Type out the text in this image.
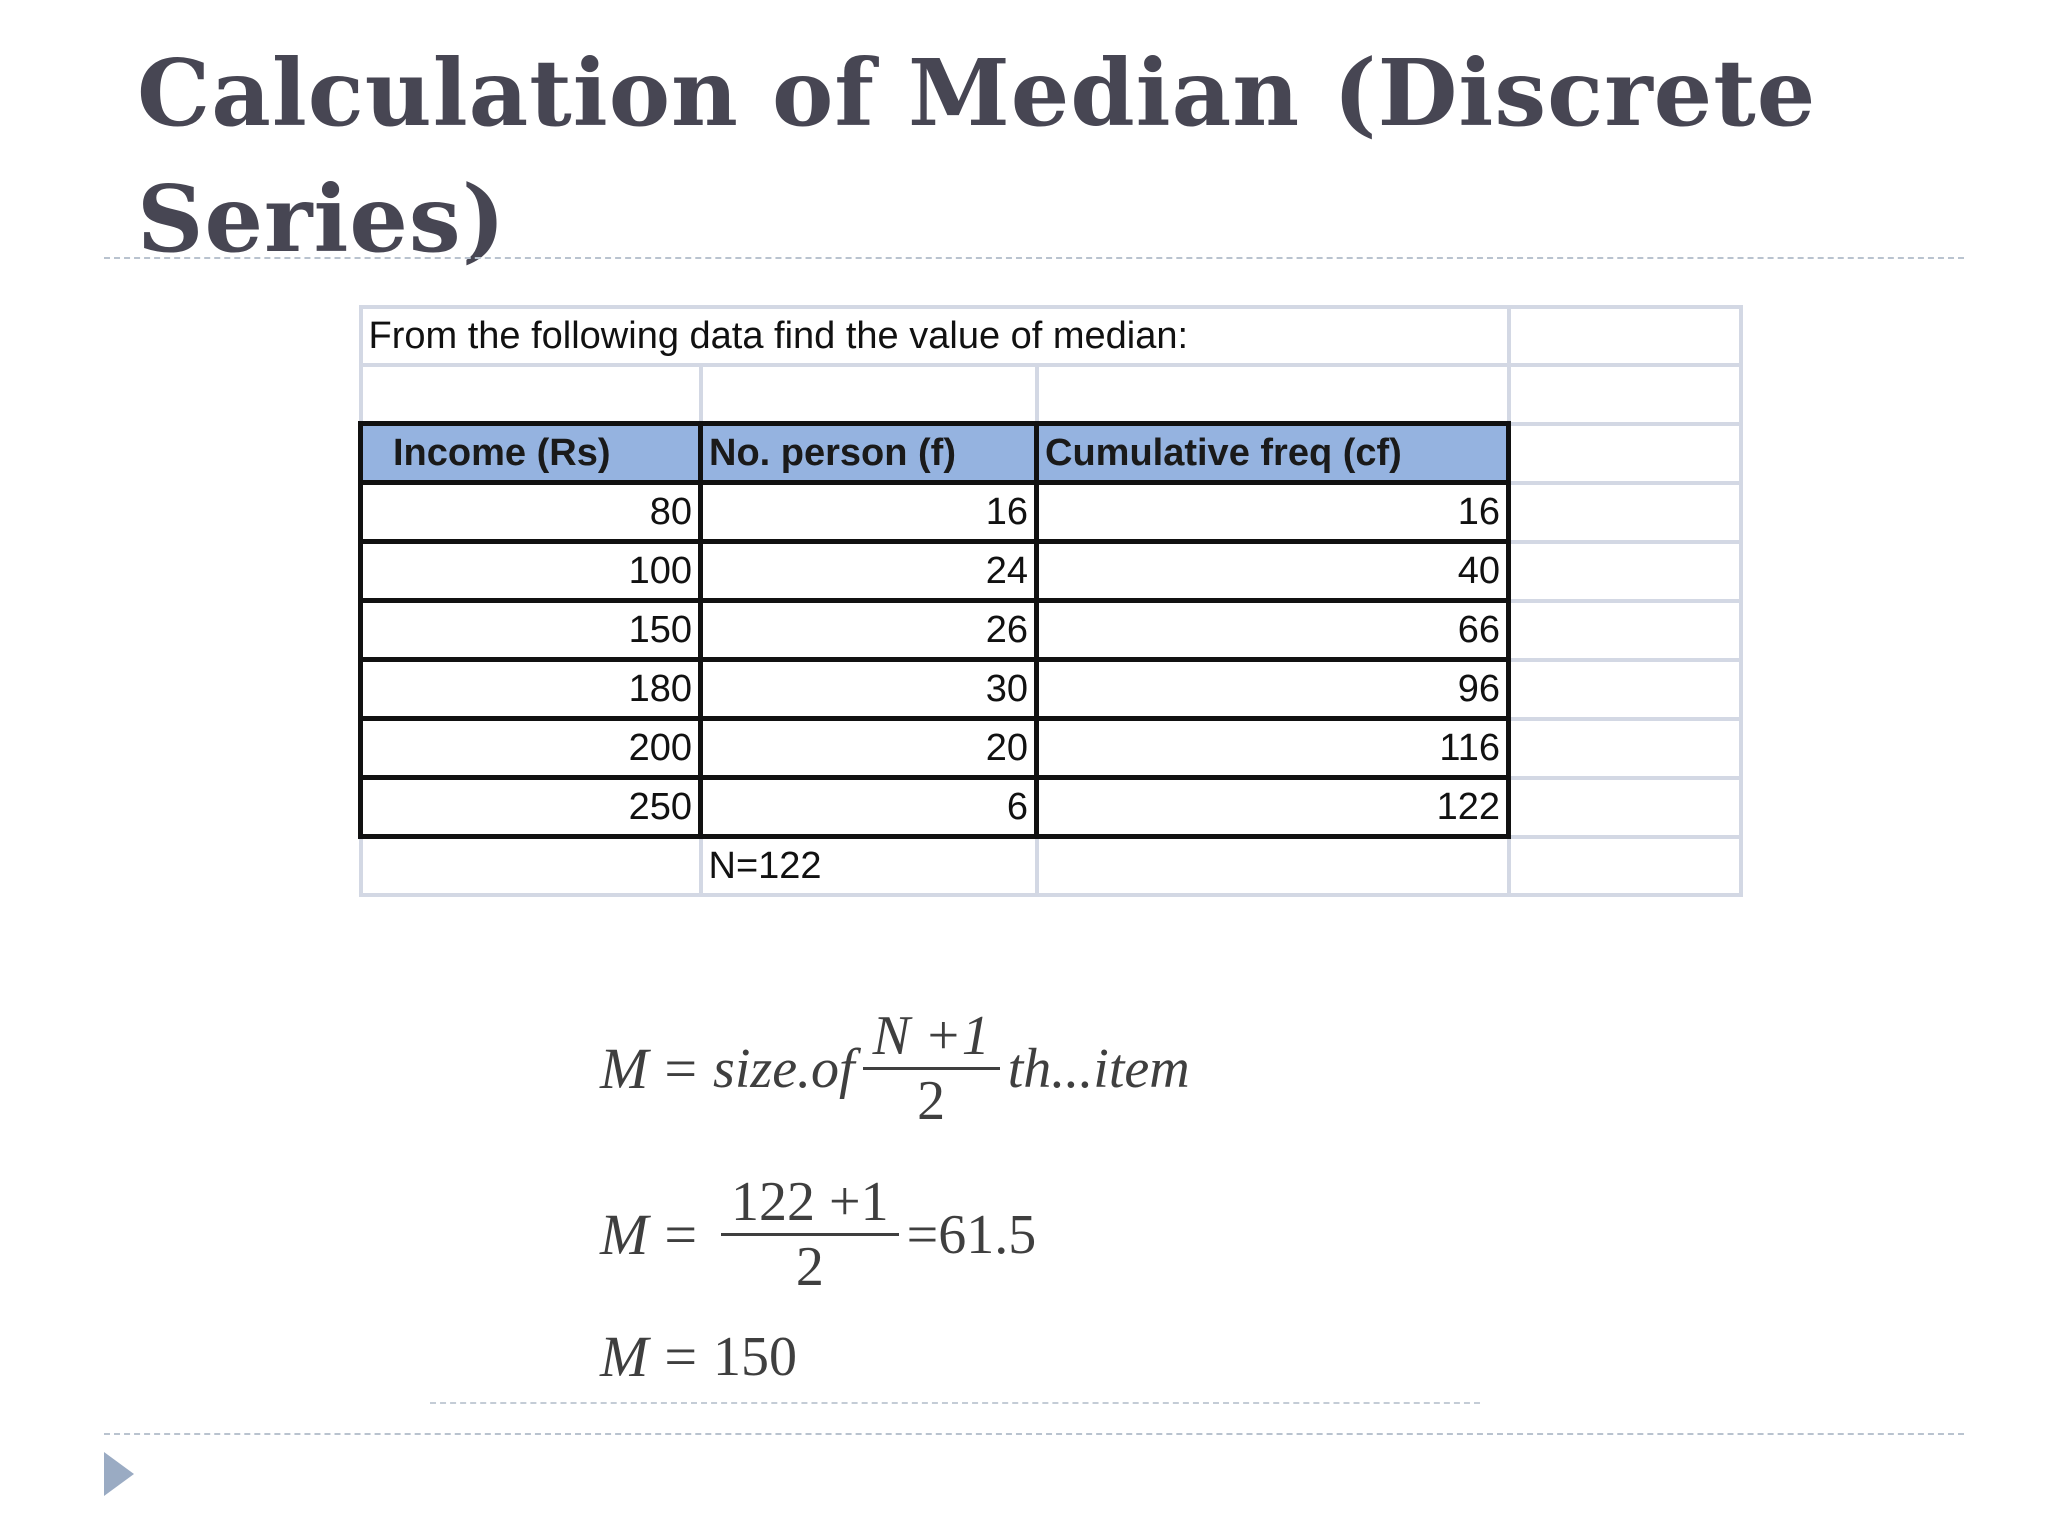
Calculation of Median (Discrete Series)
From the following data find the value of median:			

Income (Rs)	No. person (f)	Cumulative freq (cf)	
80	16	16	
100	24	40	
150	26	66	
180	30	96	
200	20	116	
250	6	122	
	N=122		
M = size.of $\frac{N +1}{2}$ th...item
$M = \frac{122 +1}{2} =61.5$
M = 150
